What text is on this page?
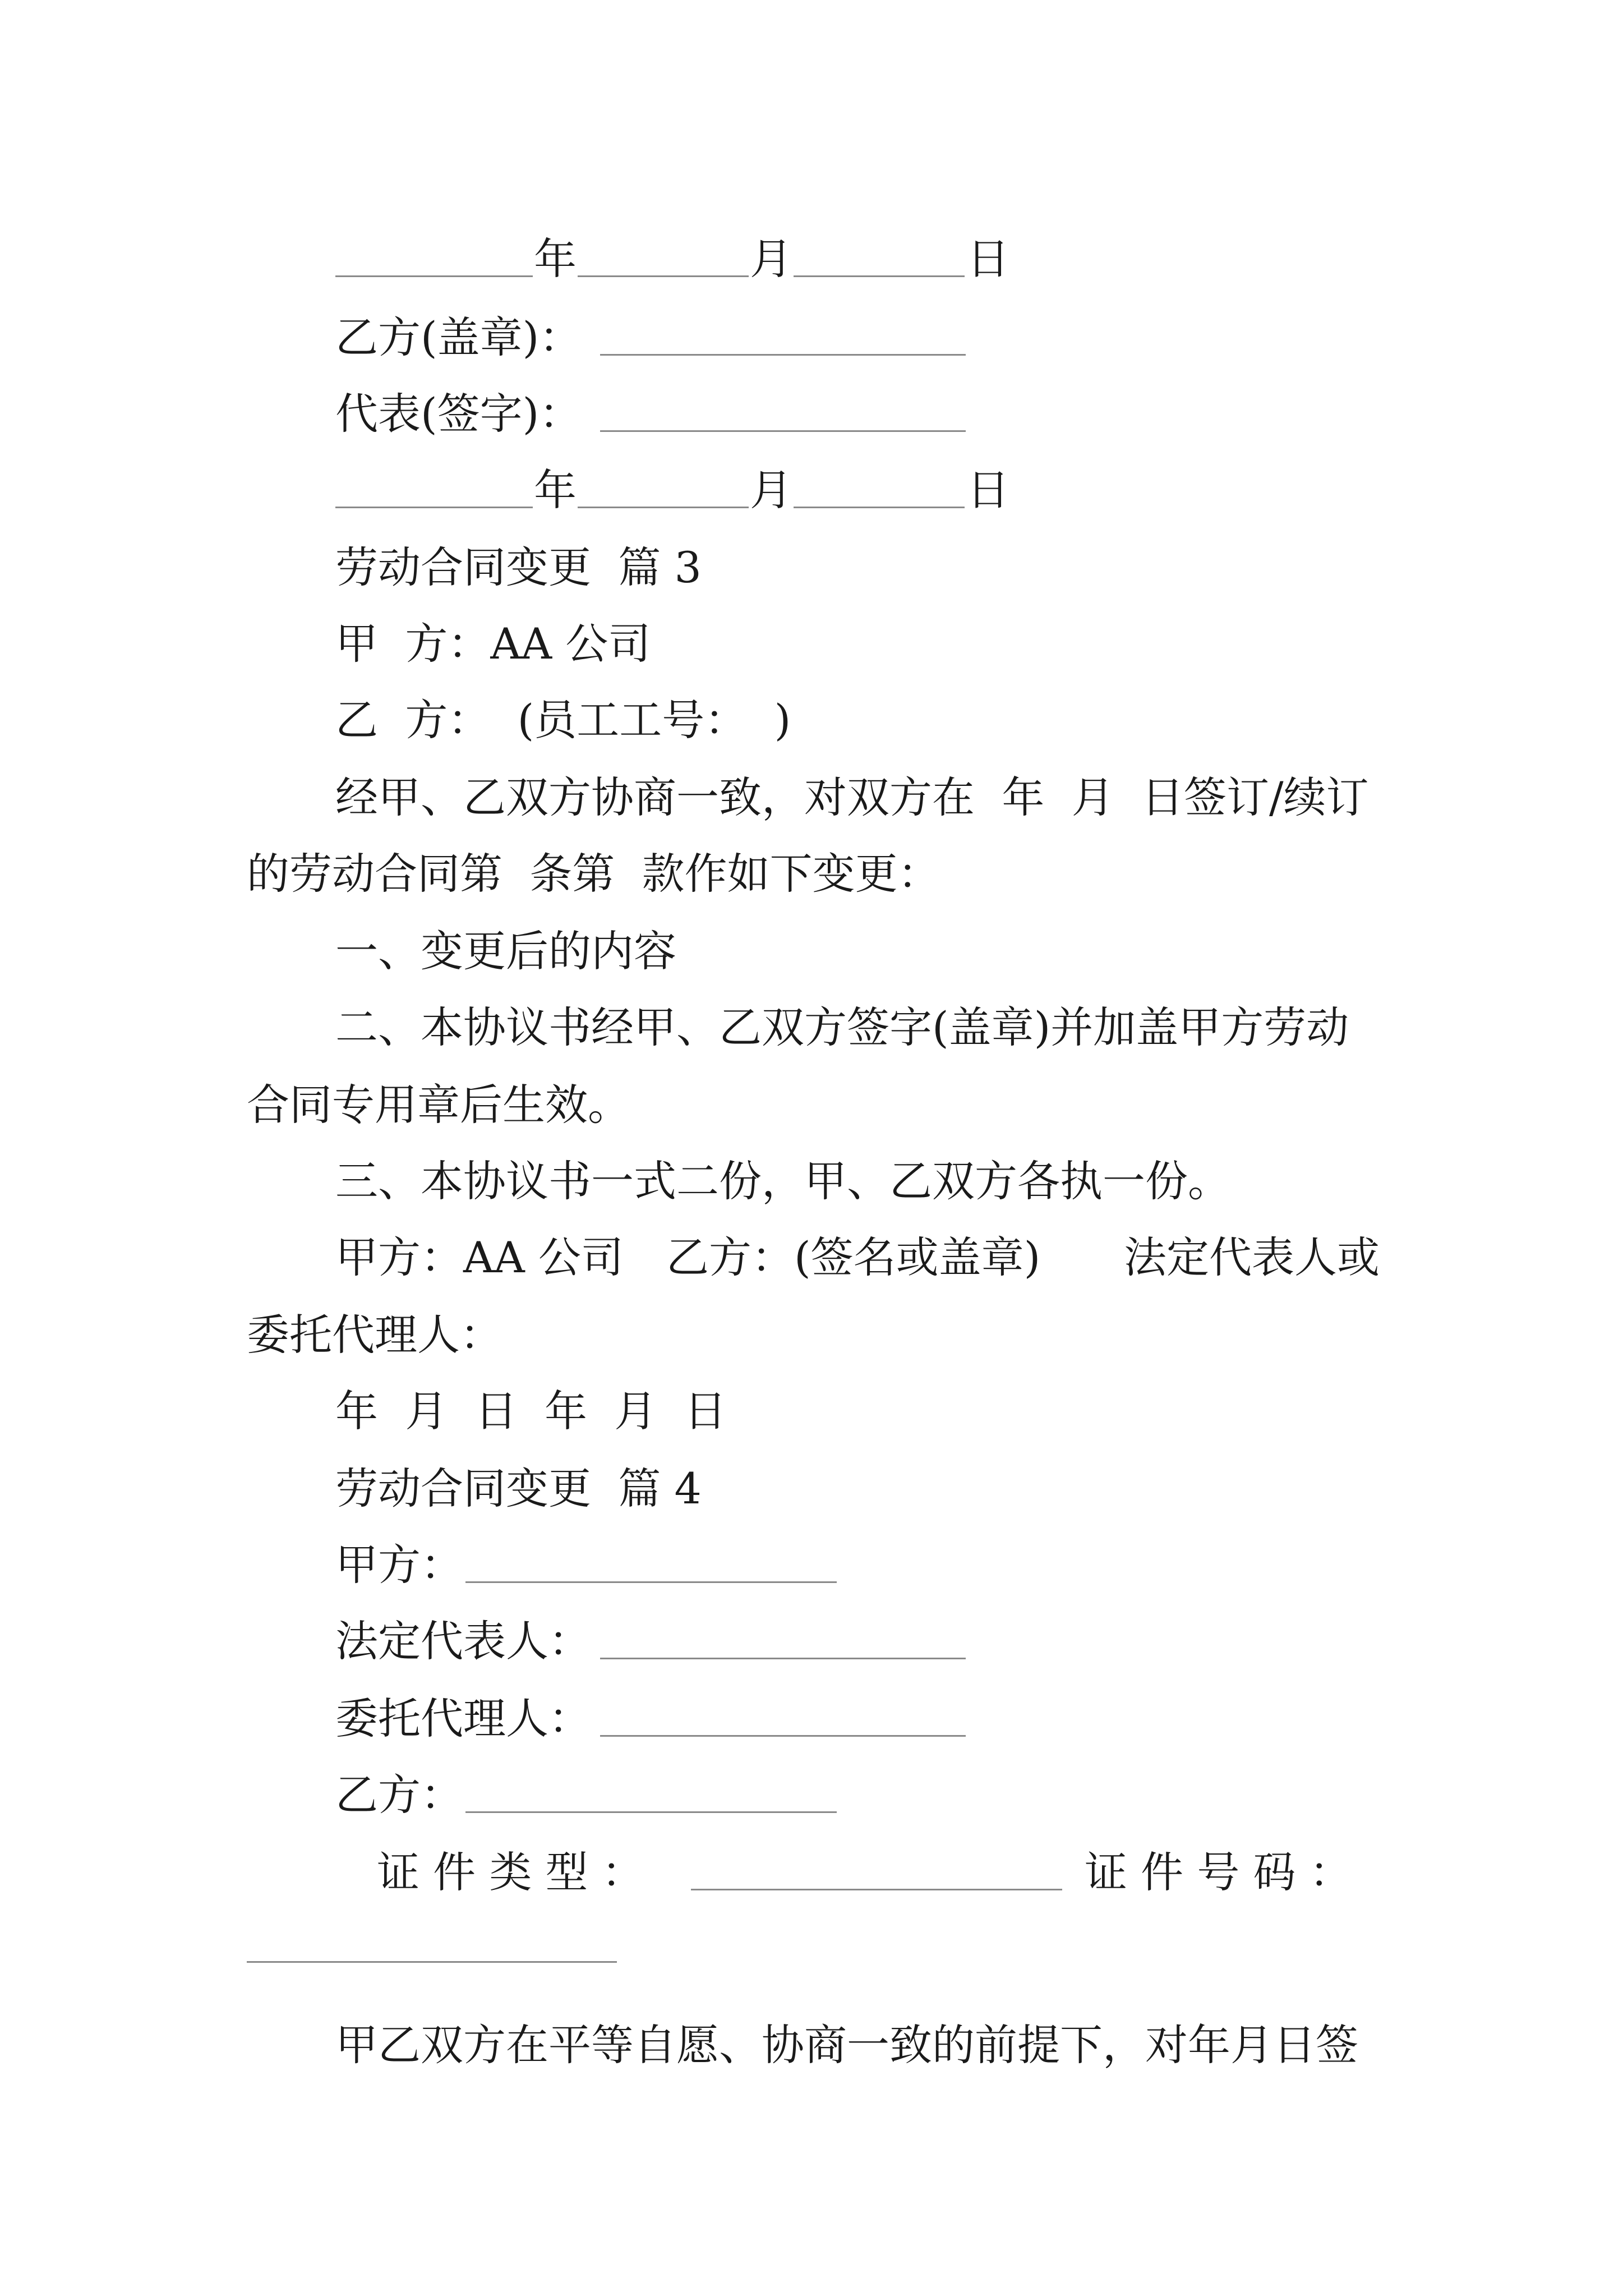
年	月	日
乙方(盖章)：
代表(签字)：
年	月	日
劳动合同变更  篇 3
甲  方：AA 公司
乙  方：  (员工工号：  )
经甲、乙双方协商一致，对双方在  年  月  日签订/续订
的劳动合同第  条第  款作如下变更：
一、变更后的内容
二、本协议书经甲、乙双方签字(盖章)并加盖甲方劳动
合同专用章后生效。
三、本协议书一式二份，甲、乙双方各执一份。
甲方：AA 公司 乙方：(签名或盖章) 法定代表人或
委托代理人：
年  月  日  年  月  日
劳动合同变更  篇 4
甲方：
法定代表人：
委托代理人：
乙方：
证 件 类 型 ：	证 件 号 码 ：
甲乙双方在平等自愿、协商一致的前提下，对年月日签
